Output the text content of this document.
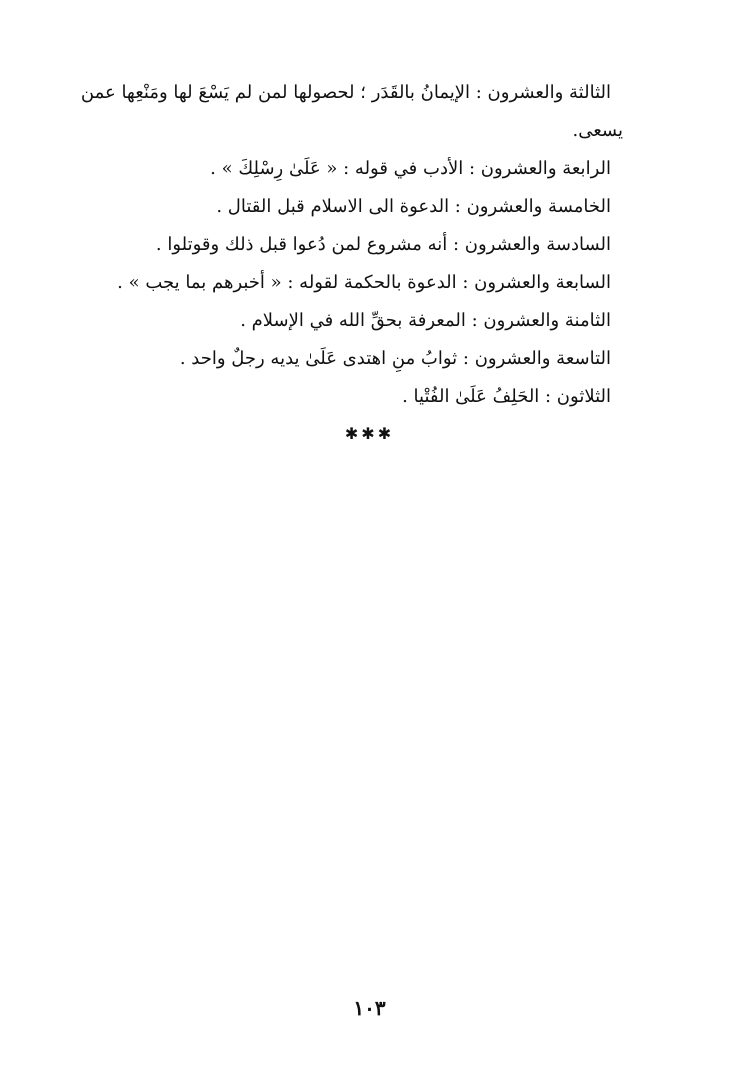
الثالثة والعشرون : الإيمانُ بالقَدَر ؛ لحصولها لمن لم يَسْعَ لها ومَنْعِها عمن
يسعى.

الرابعة والعشرون : الأدب في قوله : « عَلَىٰ رِسْلِكَ » .

الخامسة والعشرون : الدعوة الى الاسلام قبل القتال .

السادسة والعشرون : أنه مشروع لمن دُعوا قبل ذلك وقوتلوا .

السابعة والعشرون : الدعوة بالحكمة لقوله : « أخبرهم بما يجب » .

الثامنة والعشرون : المعرفة بحقِّ الله في الإسلام .

التاسعة والعشرون : ثوابُ منِ اهتدى عَلَىٰ يديه رجلٌ واحد .

الثلاثون : الحَلِفُ عَلَىٰ الفُتْيا .

✱✱✱
١٠٣
